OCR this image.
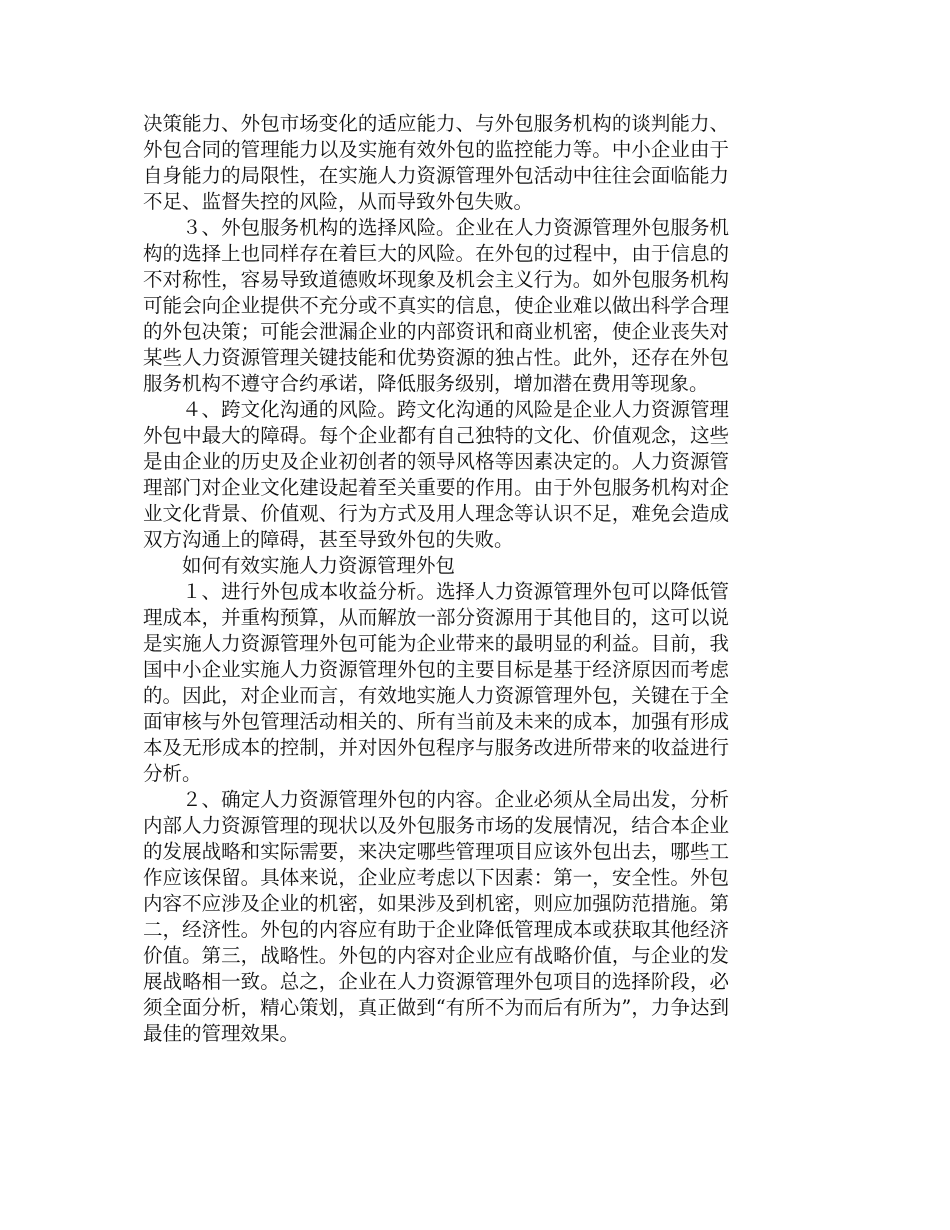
决策能力、外包市场变化的适应能力、与外包服务机构的谈判能力、外包合同的管理能力以及实施有效外包的监控能力等。中小企业由于自身能力的局限性，在实施人力资源管理外包活动中往往会面临能力不足、监督失控的风险，从而导致外包失败。

３、外包服务机构的选择风险。企业在人力资源管理外包服务机构的选择上也同样存在着巨大的风险。在外包的过程中，由于信息的不对称性，容易导致道德败坏现象及机会主义行为。如外包服务机构可能会向企业提供不充分或不真实的信息，使企业难以做出科学合理的外包决策；可能会泄漏企业的内部资讯和商业机密，使企业丧失对某些人力资源管理关键技能和优势资源的独占性。此外，还存在外包服务机构不遵守合约承诺，降低服务级别，增加潜在费用等现象。

４、跨文化沟通的风险。跨文化沟通的风险是企业人力资源管理外包中最大的障碍。每个企业都有自己独特的文化、价值观念，这些是由企业的历史及企业初创者的领导风格等因素决定的。人力资源管理部门对企业文化建设起着至关重要的作用。由于外包服务机构对企业文化背景、价值观、行为方式及用人理念等认识不足，难免会造成双方沟通上的障碍，甚至导致外包的失败。

如何有效实施人力资源管理外包

１、进行外包成本收益分析。选择人力资源管理外包可以降低管理成本，并重构预算，从而解放一部分资源用于其他目的，这可以说是实施人力资源管理外包可能为企业带来的最明显的利益。目前，我国中小企业实施人力资源管理外包的主要目标是基于经济原因而考虑的。因此，对企业而言，有效地实施人力资源管理外包，关键在于全面审核与外包管理活动相关的、所有当前及未来的成本，加强有形成本及无形成本的控制，并对因外包程序与服务改进所带来的收益进行分析。

２、确定人力资源管理外包的内容。企业必须从全局出发，分析内部人力资源管理的现状以及外包服务市场的发展情况，结合本企业的发展战略和实际需要，来决定哪些管理项目应该外包出去，哪些工作应该保留。具体来说，企业应考虑以下因素：第一，安全性。外包内容不应涉及企业的机密，如果涉及到机密，则应加强防范措施。第二，经济性。外包的内容应有助于企业降低管理成本或获取其他经济价值。第三，战略性。外包的内容对企业应有战略价值，与企业的发展战略相一致。总之，企业在人力资源管理外包项目的选择阶段，必须全面分析，精心策划，真正做到“有所不为而后有所为”，力争达到最佳的管理效果。
